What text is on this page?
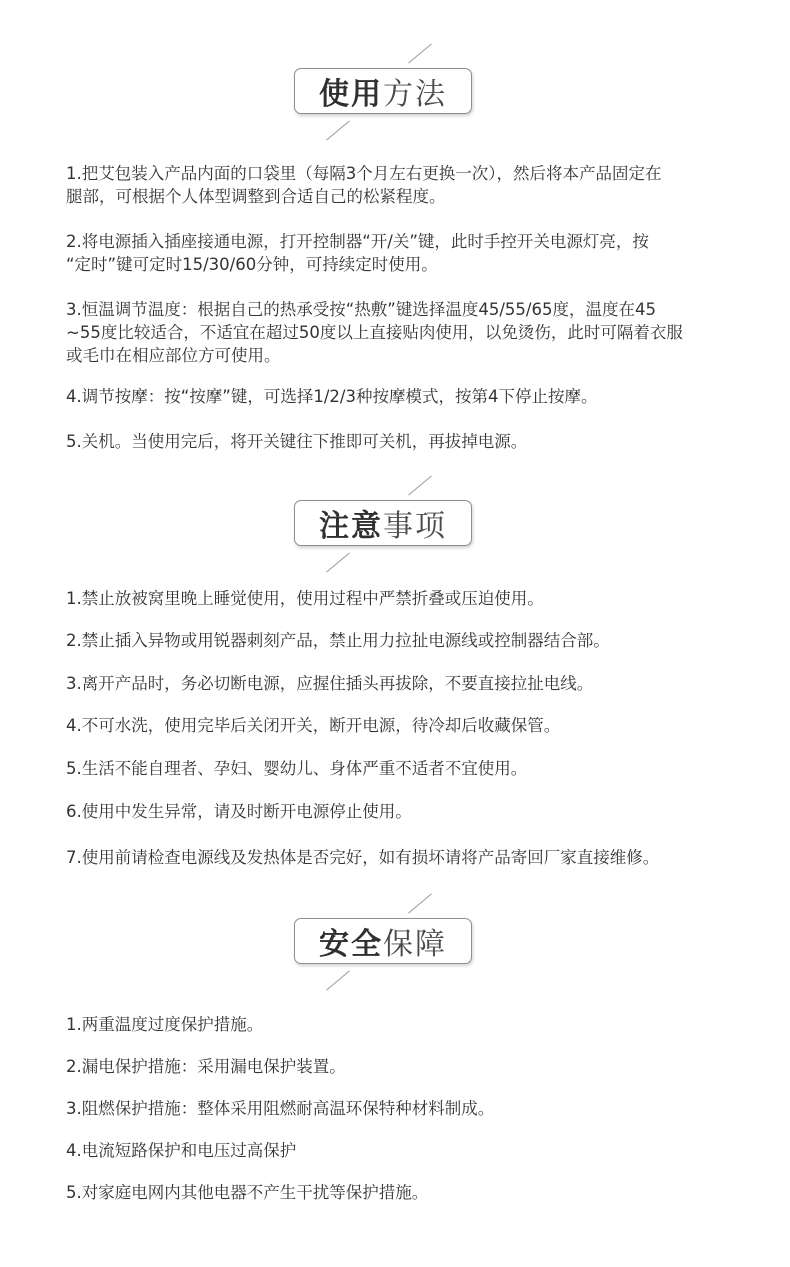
使用 方法

1.把艾包装入产品内面的口袋里（每隔3个月左右更换一次），然后将本产品固定在
腿部，可根据个人体型调整到合适自己的松紧程度。

2.将电源插入插座接通电源，打开控制器“开/关”键，此时手控开关电源灯亮，按
“定时”键可定时15/30/60分钟，可持续定时使用。

3.恒温调节温度：根据自己的热承受按“热敷”键选择温度45/55/65度，温度在45
~55度比较适合，不适宜在超过50度以上直接贴肉使用，以免烫伤，此时可隔着衣服
或毛巾在相应部位方可使用。

4.调节按摩：按“按摩”键，可选择1/2/3种按摩模式，按第4下停止按摩。

5.关机。当使用完后，将开关键往下推即可关机，再拔掉电源。

注意 事项

1.禁止放被窝里晚上睡觉使用，使用过程中严禁折叠或压迫使用。

2.禁止插入异物或用锐器刺刻产品，禁止用力拉扯电源线或控制器结合部。

3.离开产品时，务必切断电源，应握住插头再拔除，不要直接拉扯电线。

4.不可水洗，使用完毕后关闭开关，断开电源，待冷却后收藏保管。

5.生活不能自理者、孕妇、婴幼儿、身体严重不适者不宜使用。

6.使用中发生异常，请及时断开电源停止使用。

7.使用前请检查电源线及发热体是否完好，如有损坏请将产品寄回厂家直接维修。

安全 保障

1.两重温度过度保护措施。

2.漏电保护措施：采用漏电保护装置。

3.阻燃保护措施：整体采用阻燃耐高温环保特种材料制成。

4.电流短路保护和电压过高保护

5.对家庭电网内其他电器不产生干扰等保护措施。
